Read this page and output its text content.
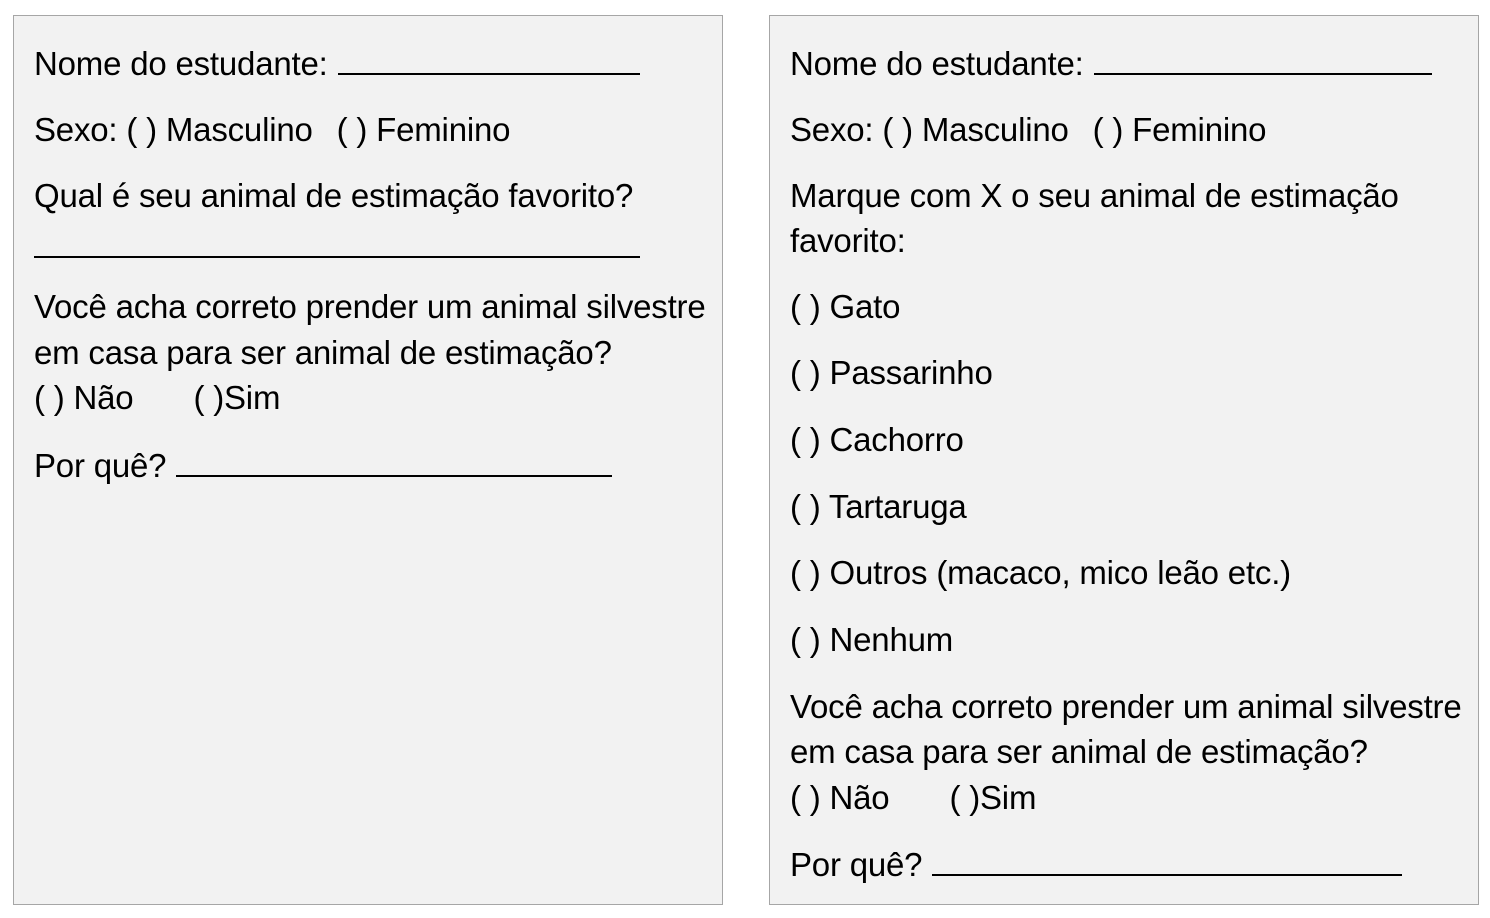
Nome do estudante:
Sexo: ( ) Masculino ( ) Feminino
Qual é seu animal de estimação favorito?
Você acha correto prender um animal silvestre
em casa para ser animal de estimação?
( ) Não ( )Sim
Por quê?
Nome do estudante:
Sexo: ( ) Masculino ( ) Feminino
Marque com X o seu animal de estimação
favorito:
( ) Gato
( ) Passarinho
( ) Cachorro
( ) Tartaruga
( ) Outros (macaco, mico leão etc.)
( ) Nenhum
Você acha correto prender um animal silvestre
em casa para ser animal de estimação?
( ) Não ( )Sim
Por quê?
